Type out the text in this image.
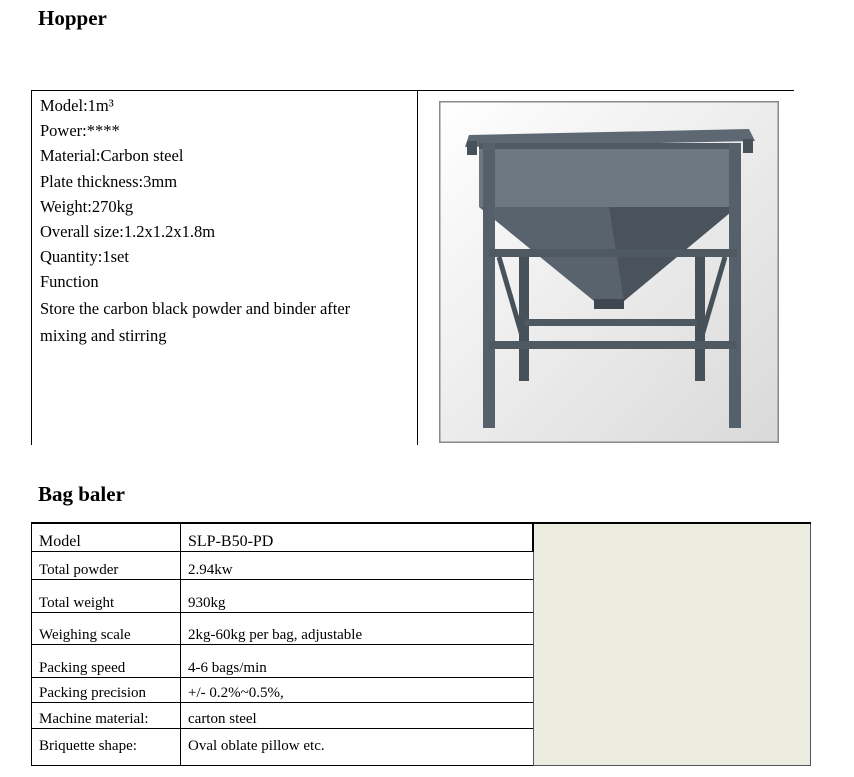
Hopper
Model:1m³
Power:****
Material:Carbon steel
Plate thickness:3mm
Weight:270kg
Overall size:1.2x1.2x1.8m
Quantity:1set
Function
Store the carbon black powder and binder after mixing and stirring

Bag baler
Model	SLP-B50-PD	
Total powder	2.94kw	
Total weight	930kg	
Weighing scale	2kg-60kg per bag, adjustable	
Packing speed	4-6 bags/min	
Packing precision	+/- 0.2%~0.5%,	
Machine material:	carton steel	
Briquette shape:	Oval oblate pillow etc.	
